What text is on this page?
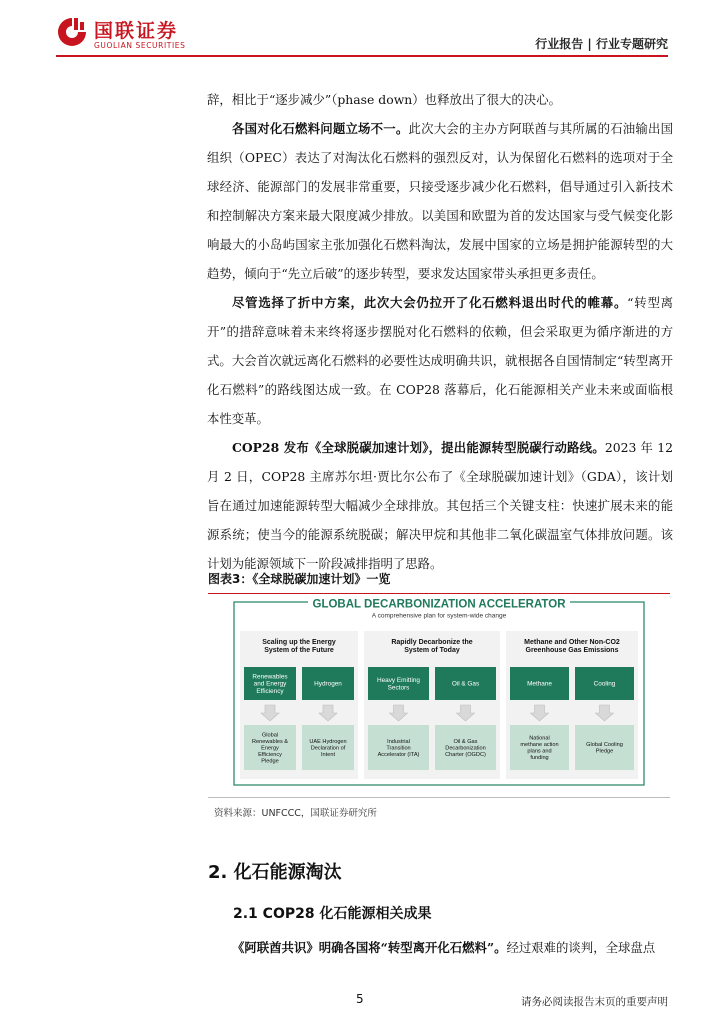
国联证券
GUOLIAN SECURITIES	行业报告 | 行业专题研究

辞，相比于“逐步减少”（phase down）也释放出了很大的决心。

各国对化石燃料问题立场不一。此次大会的主办方阿联酋与其所属的石油输出国组织（OPEC）表达了对淘汰化石燃料的强烈反对，认为保留化石燃料的选项对于全球经济、能源部门的发展非常重要，只接受逐步减少化石燃料，倡导通过引入新技术和控制解决方案来最大限度减少排放。以美国和欧盟为首的发达国家与受气候变化影响最大的小岛屿国家主张加强化石燃料淘汰，发展中国家的立场是拥护能源转型的大趋势，倾向于“先立后破”的逐步转型，要求发达国家带头承担更多责任。

尽管选择了折中方案，此次大会仍拉开了化石燃料退出时代的帷幕。“转型离开”的措辞意味着未来终将逐步摆脱对化石燃料的依赖，但会采取更为循序渐进的方式。大会首次就远离化石燃料的必要性达成明确共识，就根据各自国情制定“转型离开化石燃料”的路线图达成一致。在 COP28 落幕后，化石能源相关产业未来或面临根本性变革。

COP28 发布《全球脱碳加速计划》，提出能源转型脱碳行动路线。2023 年 12 月 2 日，COP28 主席苏尔坦·贾比尔公布了《全球脱碳加速计划》（GDA），该计划旨在通过加速能源转型大幅减少全球排放。其包括三个关键支柱：快速扩展未来的能源系统；使当今的能源系统脱碳；解决甲烷和其他非二氧化碳温室气体排放问题。该计划为能源领域下一阶段减排指明了思路。

图表3：《全球脱碳加速计划》一览
GLOBAL DECARBONIZATION ACCELERATOR
A comprehensive plan for system-wide change
Scaling up the Energy System of the Future
Renewables and Energy Efficiency
Global Renewables & Energy Efficiency Pledge
Hydrogen
UAE Hydrogen Declaration of Intent
Rapidly Decarbonize the System of Today
Heavy Emitting Sectors
Industrial Transition Accelerator (ITA)
Oil & Gas
Oil & Gas Decarbonization Charter (OGDC)
Methane and Other Non-CO2 Greenhouse Gas Emissions
Methane
National methane action plans and funding
Cooling
Global Cooling Pledge
资料来源：UNFCCC，国联证券研究所
2. 化石能源淘汰
2.1 COP28 化石能源相关成果
《阿联酋共识》明确各国将“转型离开化石燃料”。经过艰难的谈判，全球盘点
5	请务必阅读报告末页的重要声明
